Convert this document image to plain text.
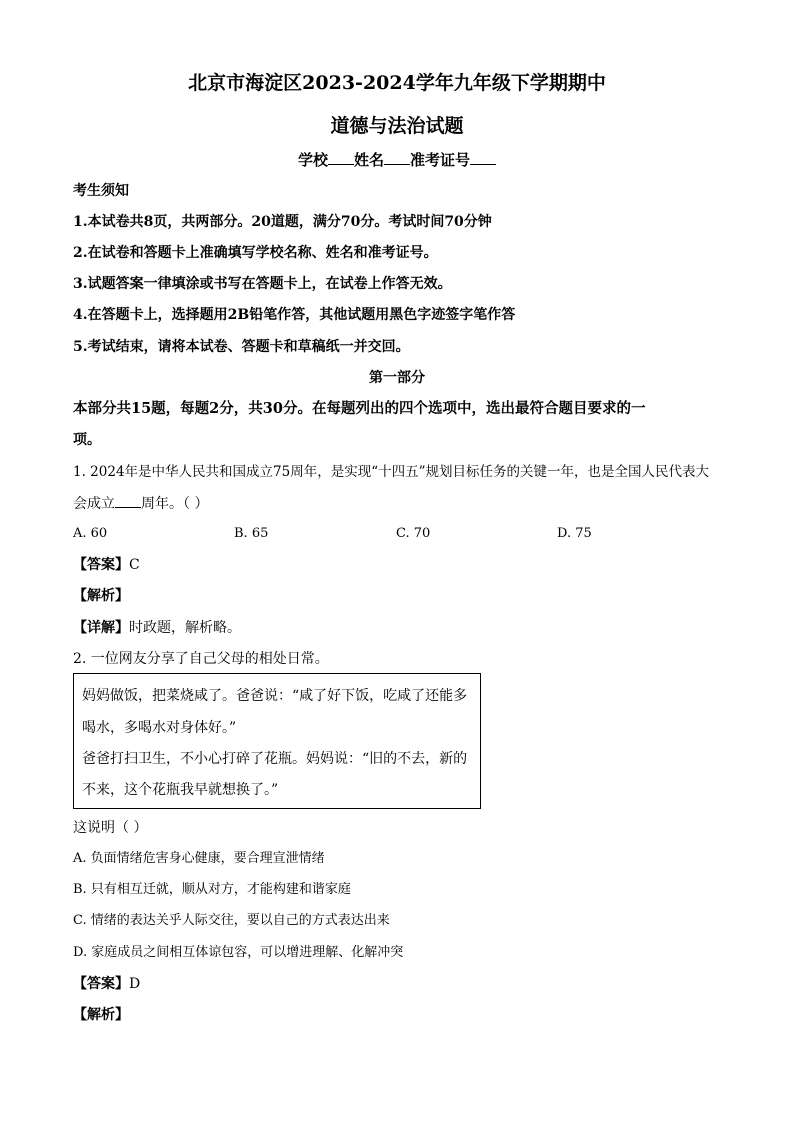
北京市海淀区2023-2024学年九年级下学期期中
道德与法治试题
学校 姓名 准考证号
考生须知
1.本试卷共8页，共两部分。20道题，满分70分。考试时间70分钟
2.在试卷和答题卡上准确填写学校名称、姓名和准考证号。
3.试题答案一律填涂或书写在答题卡上，在试卷上作答无效。
4.在答题卡上，选择题用2B铅笔作答，其他试题用黑色字迹签字笔作答
5.考试结束，请将本试卷、答题卡和草稿纸一并交回。
第一部分
本部分共15题，每题2分，共30分。在每题列出的四个选项中，选出最符合题目要求的一
项。
1. 2024年是中华人民共和国成立75周年，是实现“十四五”规划目标任务的关键一年，也是全国人民代表大
会成立 周年。（ ）
A. 60	B. 65	C. 70	D. 75
【答案】C
【解析】
【详解】时政题，解析略。
2. 一位网友分享了自己父母的相处日常。
妈妈做饭，把菜烧咸了。爸爸说：“咸了好下饭，吃咸了还能多
喝水，多喝水对身体好。”
爸爸打扫卫生，不小心打碎了花瓶。妈妈说：“旧的不去，新的
不来，这个花瓶我早就想换了。”
这说明（ ）
A. 负面情绪危害身心健康，要合理宣泄情绪
B. 只有相互迁就，顺从对方，才能构建和谐家庭
C. 情绪的表达关乎人际交往，要以自己的方式表达出来
D. 家庭成员之间相互体谅包容，可以增进理解、化解冲突
【答案】D
【解析】
